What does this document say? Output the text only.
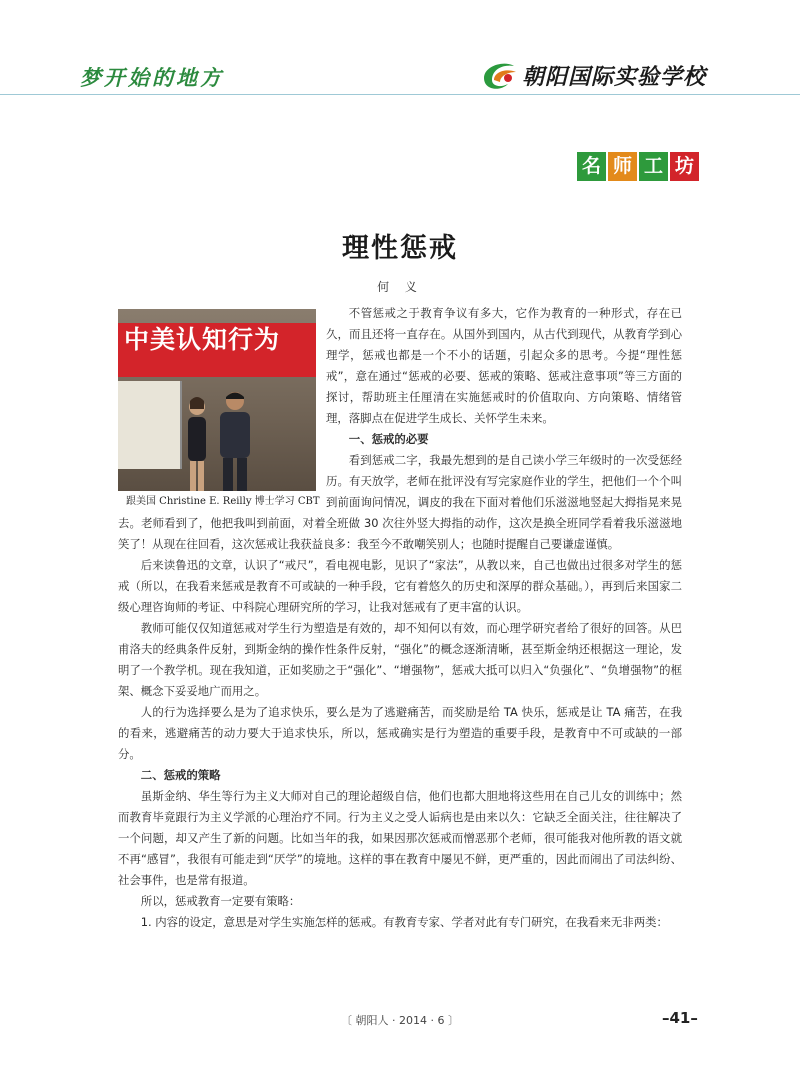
梦开始的地方	朝阳国际实验学校
名 师 工 坊
理性惩戒
何 义
中美认知行为
跟美国 Christine E. Reilly 博士学习 CBT

不管惩戒之于教育争议有多大，它作为教育的一种形式，存在已久，而且还将一直存在。从国外到国内，从古代到现代，从教育学到心理学，惩戒也都是一个不小的话题，引起众多的思考。今提“理性惩戒”，意在通过“惩戒的必要、惩戒的策略、惩戒注意事项”等三方面的探讨，帮助班主任厘清在实施惩戒时的价值取向、方向策略、情绪管理，落脚点在促进学生成长、关怀学生未来。

一、惩戒的必要

看到惩戒二字，我最先想到的是自己读小学三年级时的一次受惩经历。有天放学，老师在批评没有写完家庭作业的学生，把他们一个个叫到前面询问情况，调皮的我在下面对着他们乐滋滋地竖起大拇指晃来晃去。老师看到了，他把我叫到前面，对着全班做 30 次往外竖大拇指的动作，这次是换全班同学看着我乐滋滋地笑了！从现在往回看，这次惩戒让我获益良多：我至今不敢嘲笑别人；也随时提醒自己要谦虚谨慎。

后来读鲁迅的文章，认识了“戒尺”，看电视电影，见识了“家法”，从教以来，自己也做出过很多对学生的惩戒（所以，在我看来惩戒是教育不可或缺的一种手段，它有着悠久的历史和深厚的群众基础。），再到后来国家二级心理咨询师的考证、中科院心理研究所的学习，让我对惩戒有了更丰富的认识。

教师可能仅仅知道惩戒对学生行为塑造是有效的，却不知何以有效，而心理学研究者给了很好的回答。从巴甫洛夫的经典条件反射，到斯金纳的操作性条件反射，“强化”的概念逐渐清晰，甚至斯金纳还根据这一理论，发明了一个教学机。现在我知道，正如奖励之于“强化”、“增强物”，惩戒大抵可以归入“负强化”、“负增强物”的框架、概念下妥妥地广而用之。

人的行为选择要么是为了追求快乐，要么是为了逃避痛苦，而奖励是给 TA 快乐，惩戒是让 TA 痛苦，在我的看来，逃避痛苦的动力要大于追求快乐，所以，惩戒确实是行为塑造的重要手段，是教育中不可或缺的一部分。

二、惩戒的策略

虽斯金纳、华生等行为主义大师对自己的理论超级自信，他们也都大胆地将这些用在自己儿女的训练中；然而教育毕竟跟行为主义学派的心理治疗不同。行为主义之受人诟病也是由来以久：它缺乏全面关注，往往解决了一个问题，却又产生了新的问题。比如当年的我，如果因那次惩戒而憎恶那个老师，很可能我对他所教的语文就不再“感冒”，我很有可能走到“厌学”的境地。这样的事在教育中屡见不鲜，更严重的，因此而闹出了司法纠纷、社会事件，也是常有报道。

所以，惩戒教育一定要有策略：

1. 内容的设定，意思是对学生实施怎样的惩戒。有教育专家、学者对此有专门研究，在我看来无非两类：

〔 朝阳人 · 2014 · 6 〕	–41–
